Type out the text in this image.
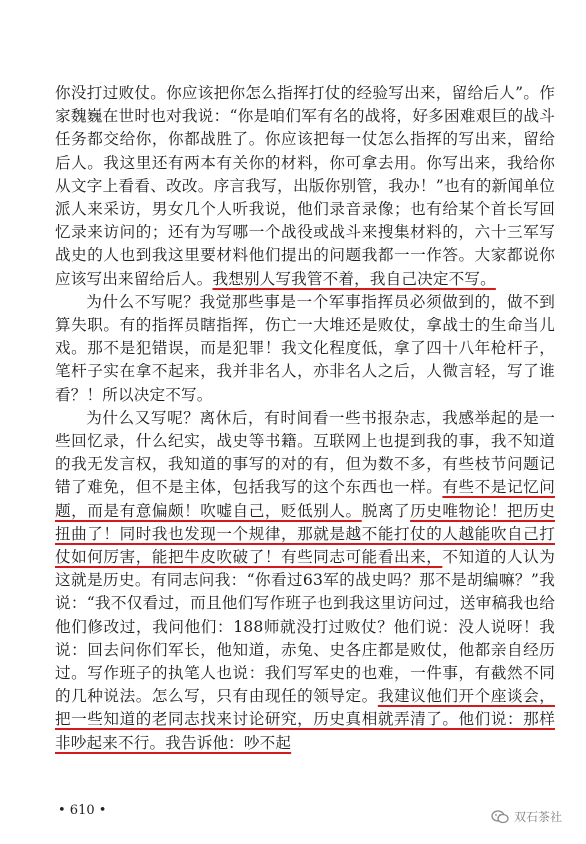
你没打过败仗。你应该把你怎么指挥打仗的经验写出来，留给后人”。作家魏巍在世时也对我说：“你是咱们军有名的战将，好多困难艰巨的战斗任务都交给你，你都战胜了。你应该把每一仗怎么指挥的写出来，留给后人。我这里还有两本有关你的材料，你可拿去用。你写出来，我给你从文字上看看、改改。序言我写，出版你别管，我办！”也有的新闻单位派人来采访，男女几个人听我说，他们录音录像；也有给某个首长写回忆录来访问的；还有为写哪一个战役或战斗来搜集材料的，六十三军写战史的人也到我这里要材料他们提出的问题我都一一作答。大家都说你应该写出来留给后人。我想别人写我管不着，我自己决定不写。

为什么不写呢？我觉那些事是一个军事指挥员必须做到的，做不到算失职。有的指挥员瞎指挥，伤亡一大堆还是败仗，拿战士的生命当儿戏。那不是犯错误，而是犯罪！我文化程度低，拿了四十八年枪杆子，笔杆子实在拿不起来，我并非名人，亦非名人之后，人微言轻，写了谁看？！所以决定不写。

为什么又写呢？离休后，有时间看一些书报杂志，我感举起的是一些回忆录，什么纪实，战史等书籍。互联网上也提到我的事，我不知道的我无发言权，我知道的事写的对的有，但为数不多，有些枝节问题记错了难免，但不是主体，包括我写的这个东西也一样。有些不是记忆问题，而是有意偏颇！吹嘘自己，贬低别人。脱离了历史唯物论！把历史扭曲了！同时我也发现一个规律，那就是越不能打仗的人越能吹自己打仗如何厉害，能把牛皮吹破了！有些同志可能看出来，不知道的人认为这就是历史。有同志问我：“你看过63军的战史吗？那不是胡编嘛？”我说：“我不仅看过，而且他们写作班子也到我这里访问过，送审稿我也给他们修改过，我问他们：188师就没打过败仗？他们说：没人说呀！我说：回去问你们军长，他知道，赤兔、史各庄都是败仗，他都亲自经历过。写作班子的执笔人也说：我们写军史的也难，一件事，有截然不同的几种说法。怎么写，只有由现任的领导定。我建议他们开个座谈会，把一些知道的老同志找来讨论研究，历史真相就弄清了。他们说：那样非吵起来不行。我告诉他：吵不起

• 610 •	双石茶社
